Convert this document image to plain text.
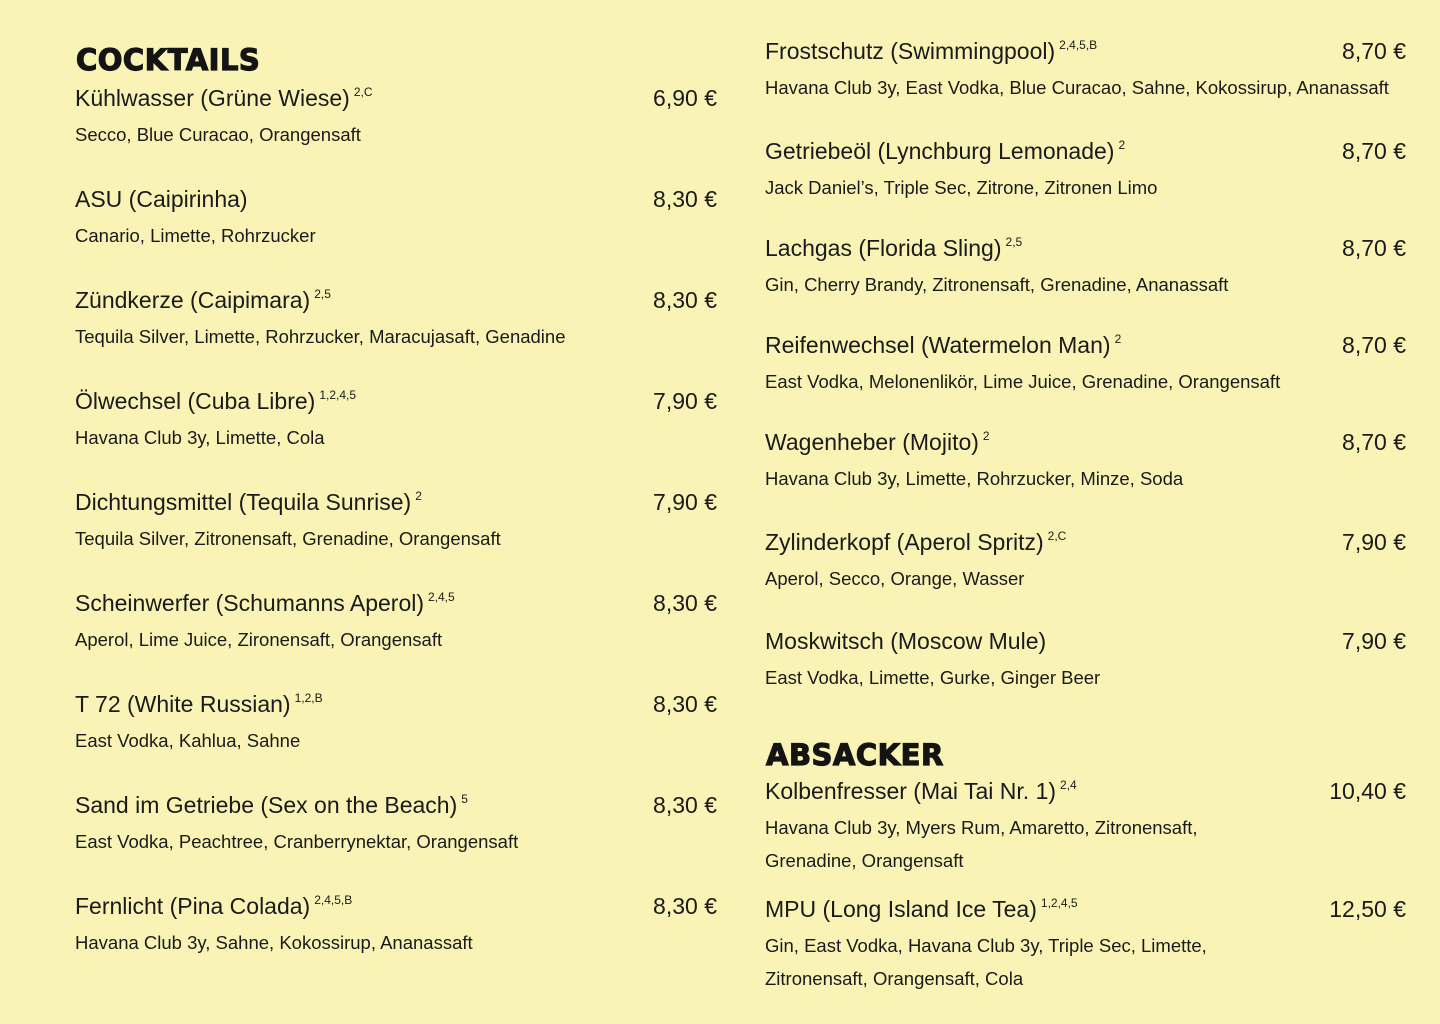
COCKTAILS
Kühlwasser (Grüne Wiese) $^{2,C}$	6,90 €
Secco, Blue Curacao, Orangensaft
ASU (Caipirinha)	8,30 €
Canario, Limette, Rohrzucker
Zündkerze (Caipimara) $^{2,5}$	8,30 €
Tequila Silver, Limette, Rohrzucker, Maracujasaft, Genadine
Ölwechsel (Cuba Libre) $^{1,2,4,5}$	7,90 €
Havana Club 3y, Limette, Cola
Dichtungsmittel (Tequila Sunrise) $^2$	7,90 €
Tequila Silver, Zitronensaft, Grenadine, Orangensaft
Scheinwerfer (Schumanns Aperol) $^{2,4,5}$	8,30 €
Aperol, Lime Juice, Zironensaft, Orangensaft
T 72 (White Russian) $^{1,2,B}$	8,30 €
East Vodka, Kahlua, Sahne
Sand im Getriebe (Sex on the Beach) $^5$	8,30 €
East Vodka, Peachtree, Cranberrynektar, Orangensaft
Fernlicht (Pina Colada) $^{2,4,5,B}$	8,30 €
Havana Club 3y, Sahne, Kokossirup, Ananassaft
Frostschutz (Swimmingpool) $^{2,4,5,B}$	8,70 €
Havana Club 3y, East Vodka, Blue Curacao, Sahne, Kokossirup, Ananassaft
Getriebeöl (Lynchburg Lemonade) $^2$	8,70 €
Jack Daniel’s, Triple Sec, Zitrone, Zitronen Limo
Lachgas (Florida Sling) $^{2,5}$	8,70 €
Gin, Cherry Brandy, Zitronensaft, Grenadine, Ananassaft
Reifenwechsel (Watermelon Man) $^2$	8,70 €
East Vodka, Melonenlikör, Lime Juice, Grenadine, Orangensaft
Wagenheber (Mojito) $^2$	8,70 €
Havana Club 3y, Limette, Rohrzucker, Minze, Soda
Zylinderkopf (Aperol Spritz) $^{2,C}$	7,90 €
Aperol, Secco, Orange, Wasser
Moskwitsch (Moscow Mule)	7,90 €
East Vodka, Limette, Gurke, Ginger Beer
ABSACKER
Kolbenfresser (Mai Tai Nr. 1) $^{2,4}$	10,40 €
Havana Club 3y, Myers Rum, Amaretto, Zitronensaft, Grenadine, Orangensaft
MPU (Long Island Ice Tea) $^{1,2,4,5}$	12,50 €
Gin, East Vodka, Havana Club 3y, Triple Sec, Limette, Zitronensaft, Orangensaft, Cola
